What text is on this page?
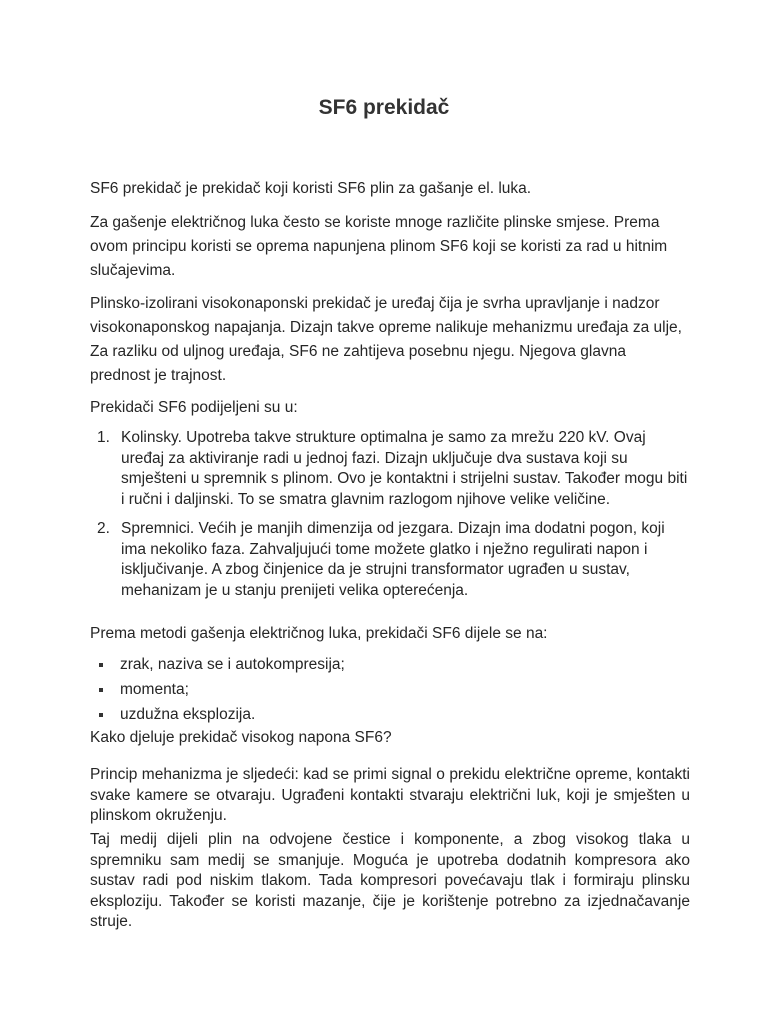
SF6 prekidač

SF6 prekidač je prekidač koji koristi SF6 plin za gašanje el. luka.

Za gašenje električnog luka često se koriste mnoge različite plinske smjese. Prema ovom principu koristi se oprema napunjena plinom SF6 koji se koristi za rad u hitnim slučajevima.

Plinsko-izolirani visokonaponski prekidač je uređaj čija je svrha upravljanje i nadzor visokonaponskog napajanja. Dizajn takve opreme nalikuje mehanizmu uređaja za ulje, Za razliku od uljnog uređaja, SF6 ne zahtijeva posebnu njegu. Njegova glavna prednost je trajnost.

Prekidači SF6 podijeljeni su u:

1. Kolinsky. Upotreba takve strukture optimalna je samo za mrežu 220 kV. Ovaj uređaj za aktiviranje radi u jednoj fazi. Dizajn uključuje dva sustava koji su smješteni u spremnik s plinom. Ovo je kontaktni i strijelni sustav. Također mogu biti i ručni i daljinski. To se smatra glavnim razlogom njihove velike veličine.
2. Spremnici. Većih je manjih dimenzija od jezgara. Dizajn ima dodatni pogon, koji ima nekoliko faza. Zahvaljujući tome možete glatko i nježno regulirati napon i isključivanje. A zbog činjenice da je strujni transformator ugrađen u sustav, mehanizam je u stanju prenijeti velika opterećenja.

Prema metodi gašenja električnog luka, prekidači SF6 dijele se na:

zrak, naziva se i autokompresija;
momenta;
uzdužna eksplozija.

Kako djeluje prekidač visokog napona SF6?

Princip mehanizma je sljedeći: kad se primi signal o prekidu električne opreme, kontakti svake kamere se otvaraju. Ugrađeni kontakti stvaraju električni luk, koji je smješten u plinskom okruženju.

Taj medij dijeli plin na odvojene čestice i komponente, a zbog visokog tlaka u spremniku sam medij se smanjuje. Moguća je upotreba dodatnih kompresora ako sustav radi pod niskim tlakom. Tada kompresori povećavaju tlak i formiraju plinsku eksploziju. Također se koristi mazanje, čije je korištenje potrebno za izjednačavanje struje.
